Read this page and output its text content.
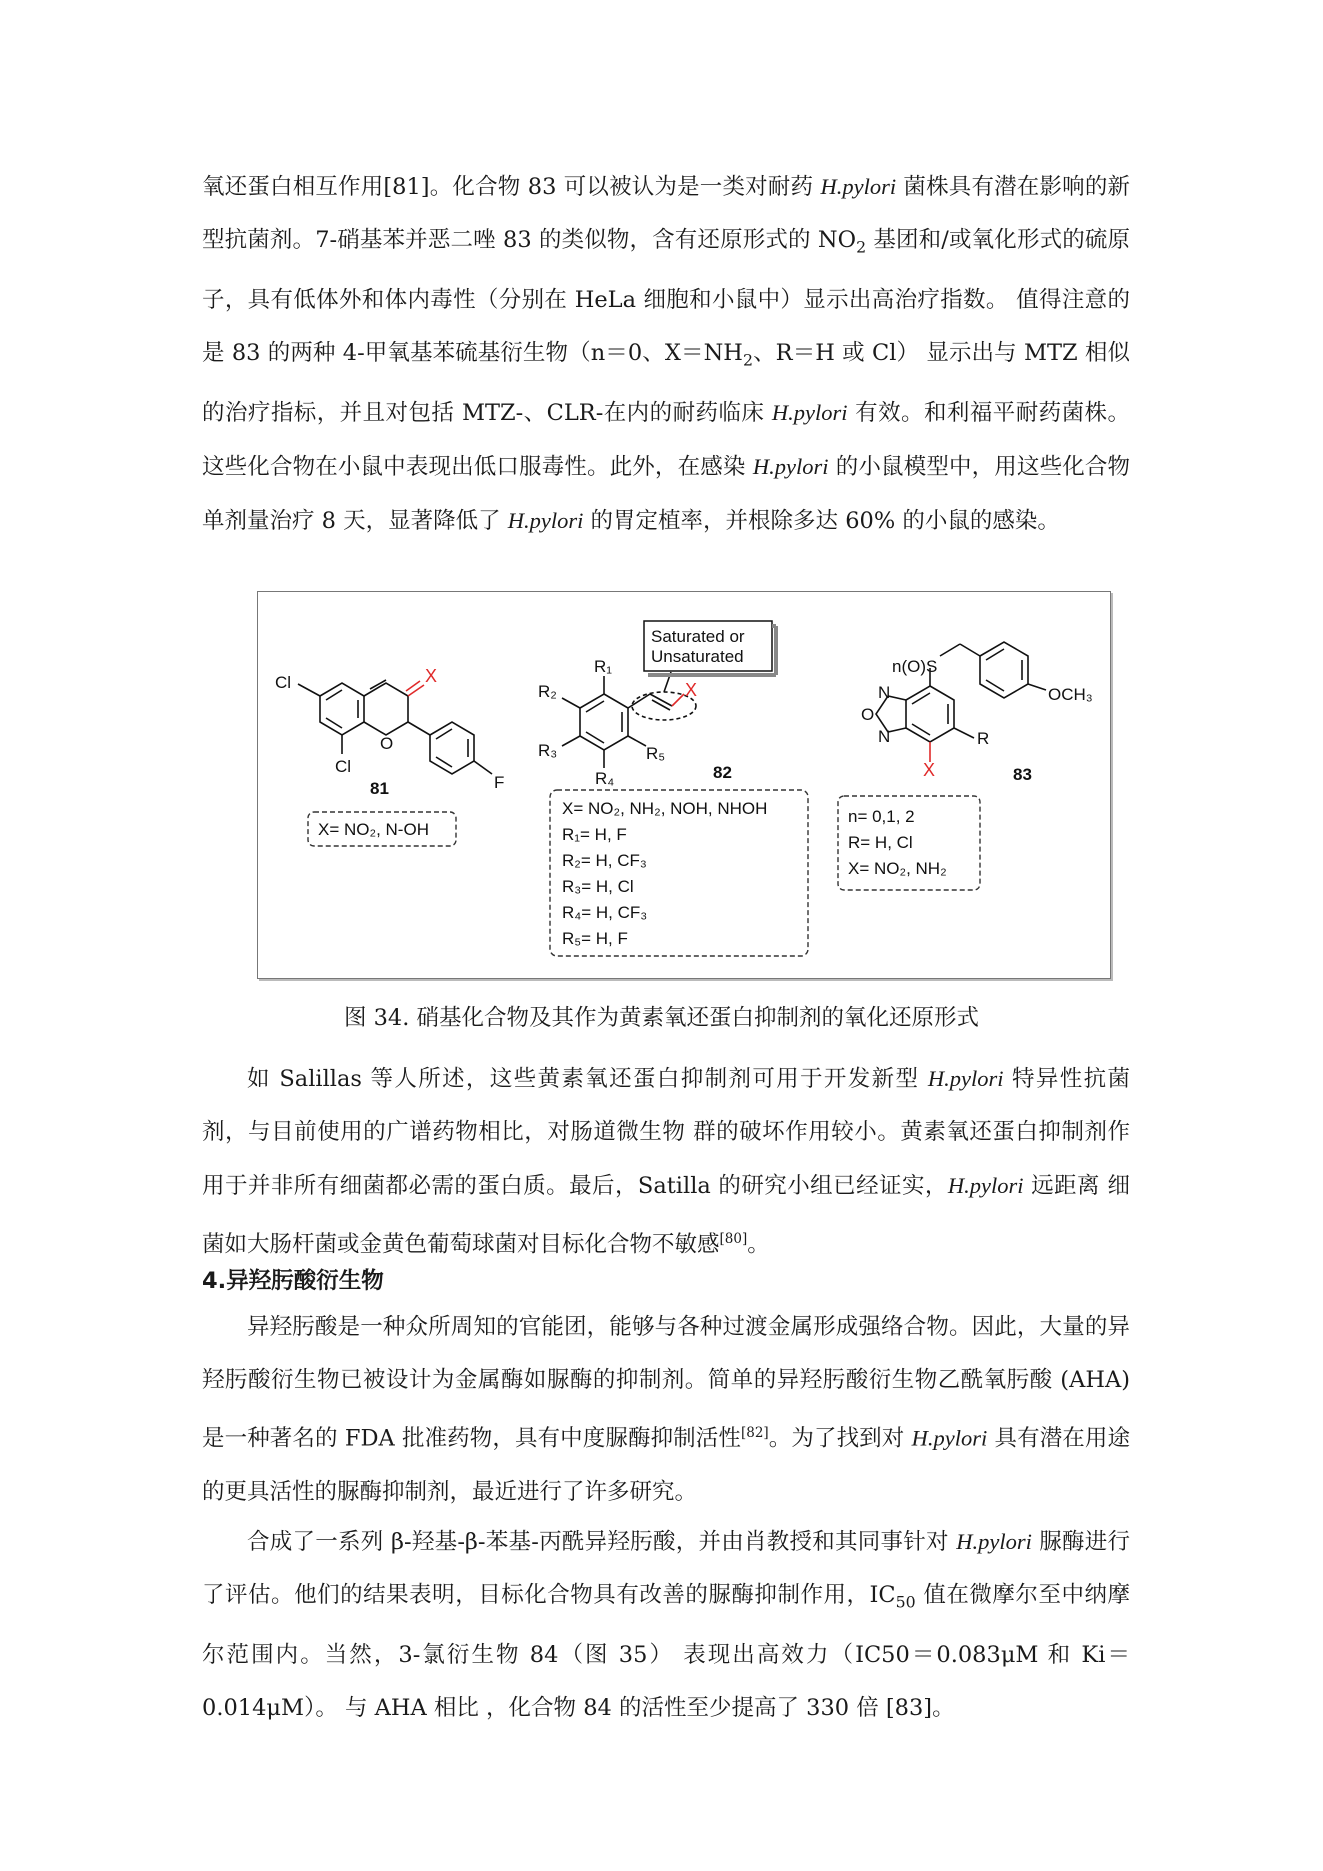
氧还蛋白相互作用[81]。化合物 83 可以被认为是一类对耐药 H.pylori 菌株具有潜在影响的新型抗菌剂。7-硝基苯并恶二唑 83 的类似物，含有还原形式的 $NO_2$ 基团和/或氧化形式的硫原子，具有低体外和体内毒性（分别在 HeLa 细胞和小鼠中）显示出高治疗指数。 值得注意的是 83 的两种 4-甲氧基苯硫基衍生物（n＝0、$X=NH_2$、R＝H 或 Cl） 显示出与 MTZ 相似的治疗指标，并且对包括 MTZ-、CLR-在内的耐药临床 H.pylori 有效。和利福平耐药菌株。 这些化合物在小鼠中表现出低口服毒性。此外，在感染 H.pylori 的小鼠模型中，用这些化合物单剂量治疗 8 天，显著降低了 H.pylori 的胃定植率，并根除多达 60% 的小鼠的感染。

Cl
Cl
O
F
X
81
X= NO₂, N-OH
Saturated or
Unsaturated
R₁
R₂
R₃
R₄
R₅
X
82
X= NO₂, NH₂, NOH, NHOH
R₁= H, F
R₂= H, CF₃
R₃= H, Cl
R₄= H, CF₃
R₅= H, F
n(O)S
N
O
N
OCH₃
R
X	83
n= 0,1, 2
R= H, Cl
X= NO₂, NH₂

图 34. 硝基化合物及其作为黄素氧还蛋白抑制剂的氧化还原形式

如 Salillas 等人所述，这些黄素氧还蛋白抑制剂可用于开发新型 H.pylori 特异性抗菌剂，与目前使用的广谱药物相比，对肠道微生物 群的破坏作用较小。黄素氧还蛋白抑制剂作用于并非所有细菌都必需的蛋白质。最后，Satilla 的研究小组已经证实，H.pylori 远距离 细菌如大肠杆菌或金黄色葡萄球菌对目标化合物不敏感[80]。

4.异羟肟酸衍生物

异羟肟酸是一种众所周知的官能团，能够与各种过渡金属形成强络合物。因此，大量的异羟肟酸衍生物已被设计为金属酶如脲酶的抑制剂。简单的异羟肟酸衍生物乙酰氧肟酸 (AHA) 是一种著名的 FDA 批准药物，具有中度脲酶抑制活性[82]。为了找到对 H.pylori 具有潜在用途的更具活性的脲酶抑制剂，最近进行了许多研究。

合成了一系列 β-羟基-β-苯基-丙酰异羟肟酸，并由肖教授和其同事针对 H.pylori 脲酶进行了评估。他们的结果表明，目标化合物具有改善的脲酶抑制作用，$IC_{50}$ 值在微摩尔至中纳摩尔范围内。当然，3-氯衍生物 84（图 35） 表现出高效力（IC50＝0.083μM 和 Ki＝0.014μM）。 与 AHA 相比 ，化合物 84 的活性至少提高了 330 倍 [83]。
